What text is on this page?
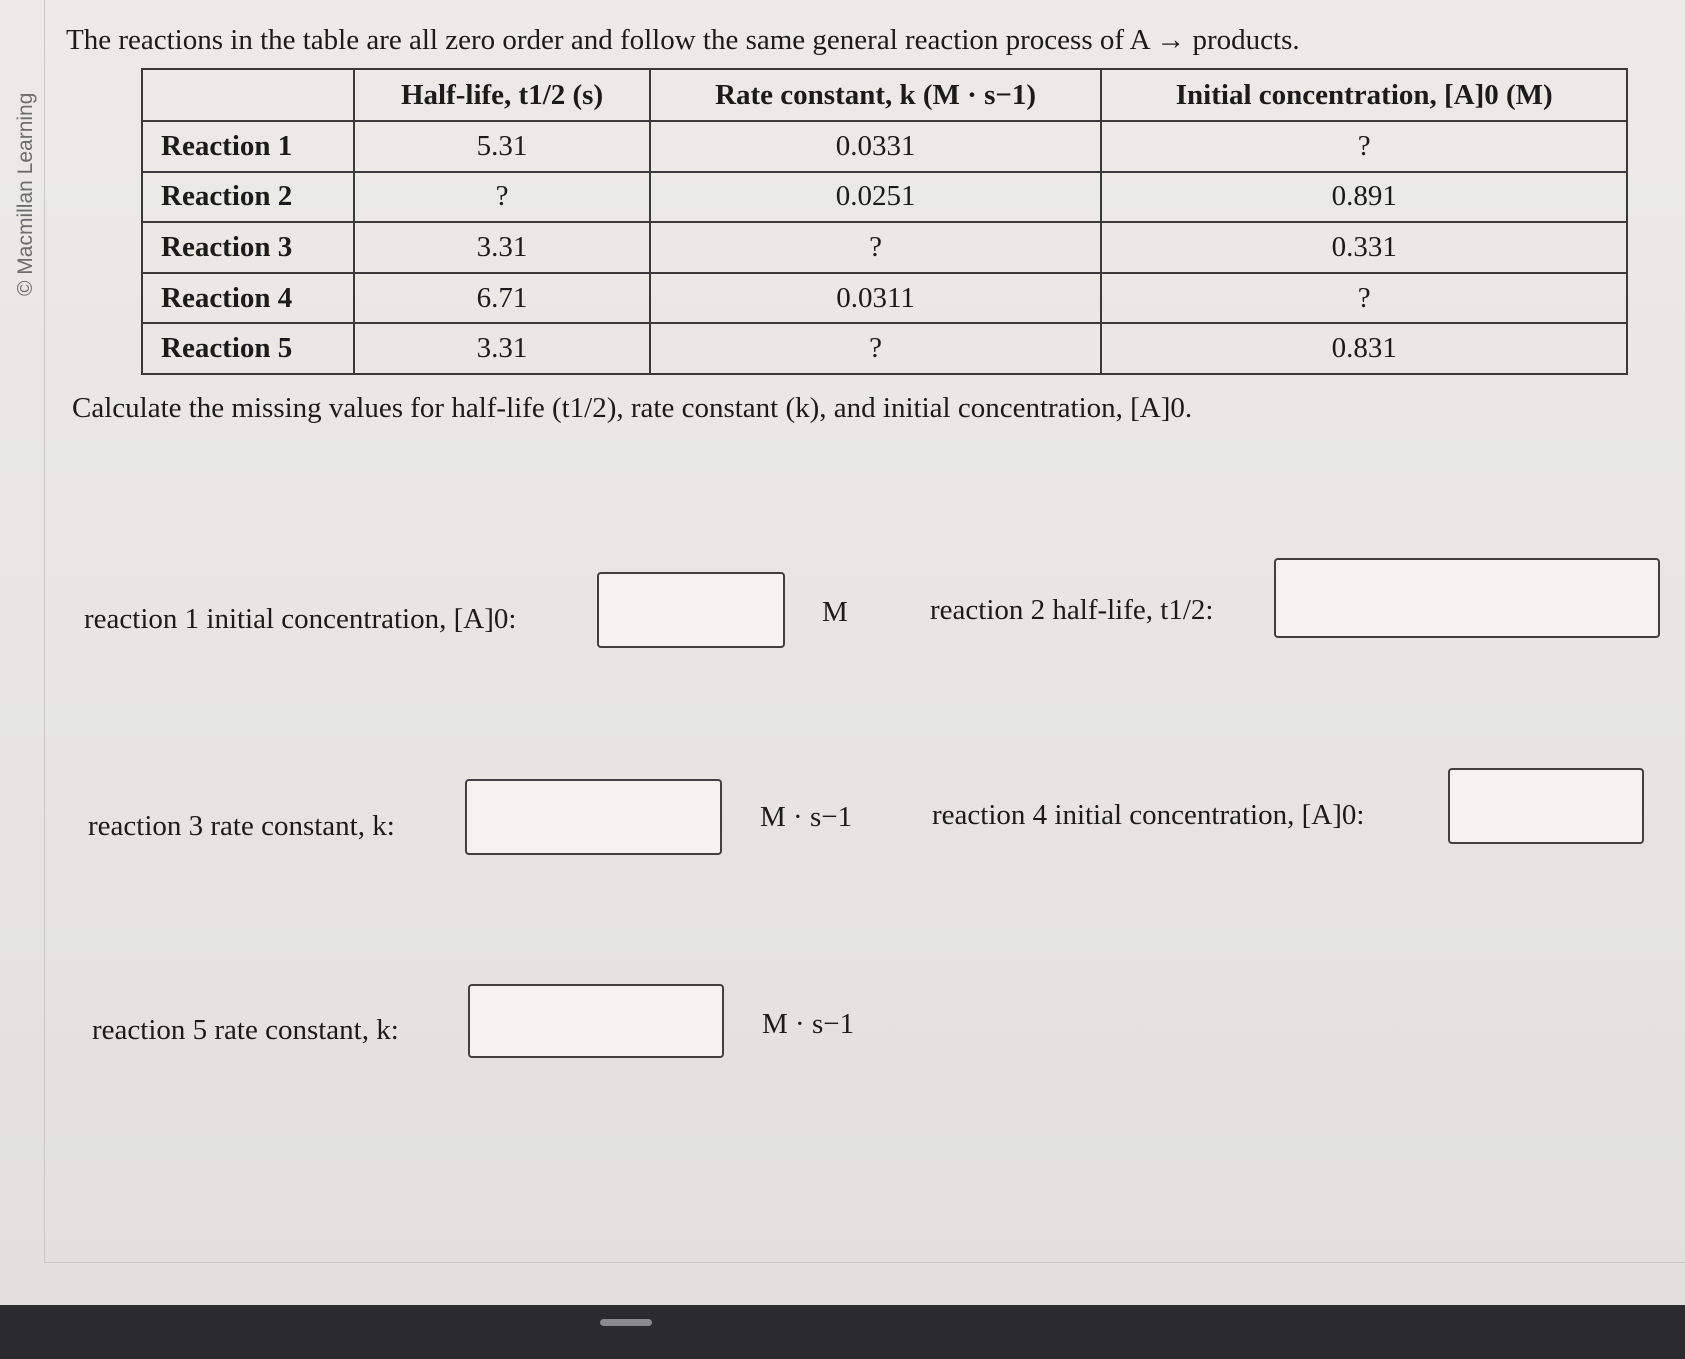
© Macmillan Learning
The reactions in the table are all zero order and follow the same general reaction process of A → products.
	Half-life, t1/2 (s)	Rate constant, k (M · s−1)	Initial concentration, [A]0 (M)
Reaction 1	5.31	0.0331	?
Reaction 2	?	0.0251	0.891
Reaction 3	3.31	?	0.331
Reaction 4	6.71	0.0311	?
Reaction 5	3.31	?	0.831
Calculate the missing values for half-life (t1/2), rate constant (k), and initial concentration, [A]0.
reaction 1 initial concentration, [A]0:	M	reaction 2 half-life, t1/2:
reaction 3 rate constant, k:	M · s−1	reaction 4 initial concentration, [A]0:
reaction 5 rate constant, k:	M · s−1
